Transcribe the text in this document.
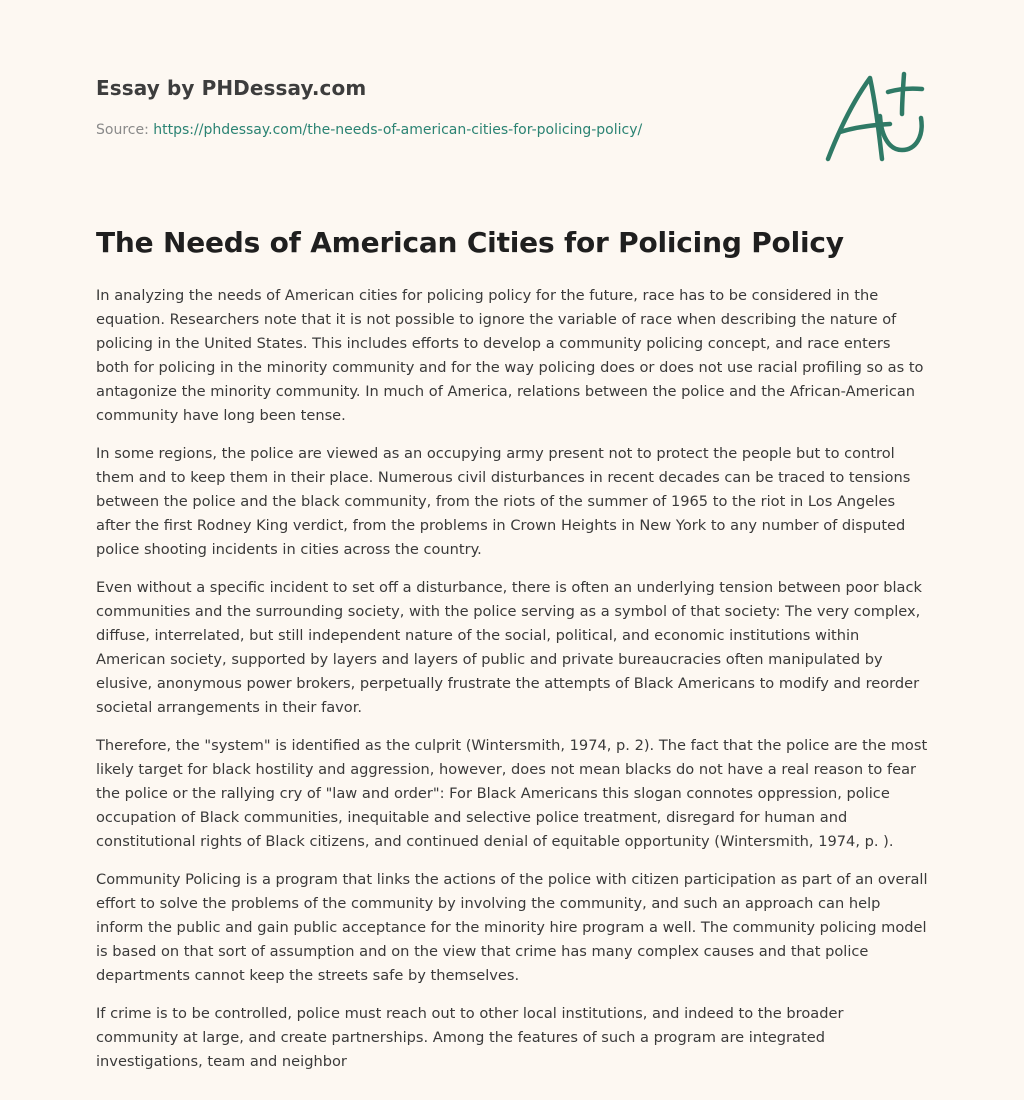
Essay by PHDessay.com
Source: https://phdessay.com/the-needs-of-american-cities-for-policing-policy/
The Needs of American Cities for Policing Policy

In analyzing the needs of American cities for policing policy for the future, race has to be considered in the equation. Researchers note that it is not possible to ignore the variable of race when describing the nature of policing in the United States. This includes efforts to develop a community policing concept, and race enters both for policing in the minority community and for the way policing does or does not use racial profiling so as to antagonize the minority community. In much of America, relations between the police and the African-American community have long been tense.

In some regions, the police are viewed as an occupying army present not to protect the people but to control them and to keep them in their place. Numerous civil disturbances in recent decades can be traced to tensions between the police and the black community, from the riots of the summer of 1965 to the riot in Los Angeles after the first Rodney King verdict, from the problems in Crown Heights in New York to any number of disputed police shooting incidents in cities across the country.

Even without a specific incident to set off a disturbance, there is often an underlying tension between poor black communities and the surrounding society, with the police serving as a symbol of that society: The very complex, diffuse, interrelated, but still independent nature of the social, political, and economic institutions within American society, supported by layers and layers of public and private bureaucracies often manipulated by elusive, anonymous power brokers, perpetually frustrate the attempts of Black Americans to modify and reorder societal arrangements in their favor.

Therefore, the "system" is identified as the culprit (Wintersmith, 1974, p. 2). The fact that the police are the most likely target for black hostility and aggression, however, does not mean blacks do not have a real reason to fear the police or the rallying cry of "law and order": For Black Americans this slogan connotes oppression, police occupation of Black communities, inequitable and selective police treatment, disregard for human and constitutional rights of Black citizens, and continued denial of equitable opportunity (Wintersmith, 1974, p. ).

Community Policing is a program that links the actions of the police with citizen participation as part of an overall effort to solve the problems of the community by involving the community, and such an approach can help inform the public and gain public acceptance for the minority hire program a well. The community policing model is based on that sort of assumption and on the view that crime has many complex causes and that police departments cannot keep the streets safe by themselves.

If crime is to be controlled, police must reach out to other local institutions, and indeed to the broader community at large, and create partnerships. Among the features of such a program are integrated investigations, team and neighbor
